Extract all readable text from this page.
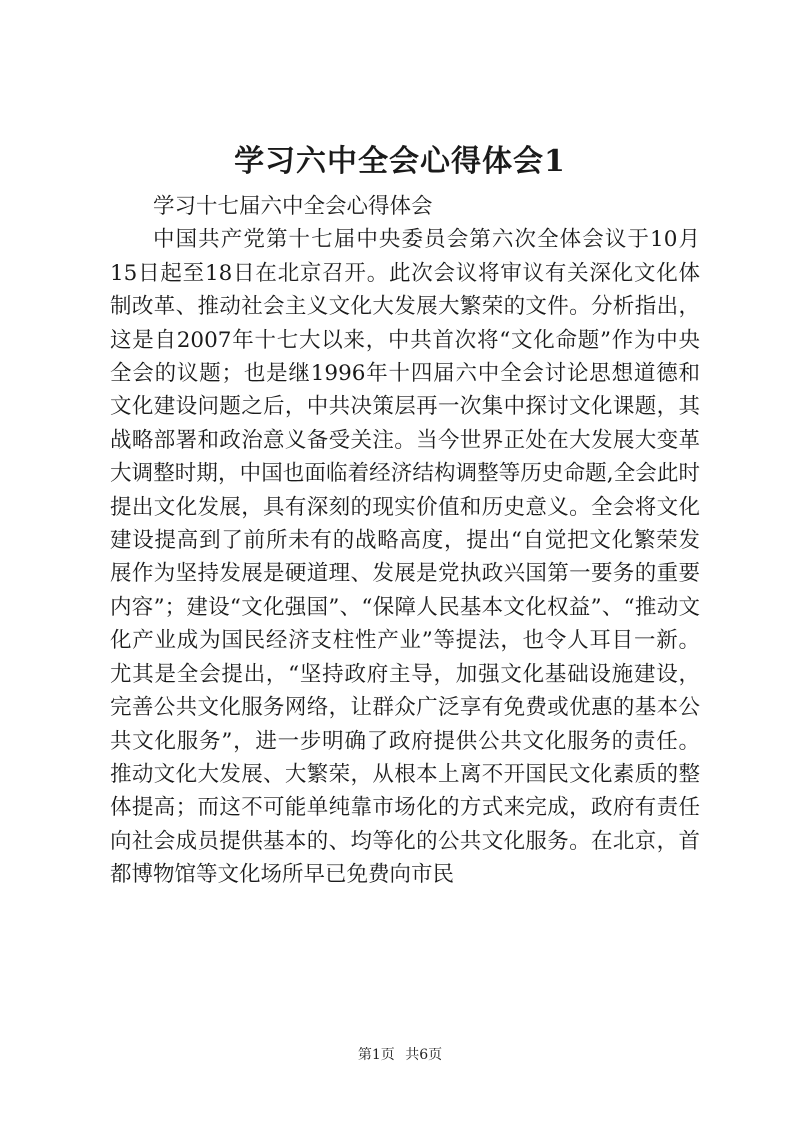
学习六中全会心得体会1

学习十七届六中全会心得体会

中国共产党第十七届中央委员会第六次全体会议于10月15日起至18日在北京召开。此次会议将审议有关深化文化体制改革、推动社会主义文化大发展大繁荣的文件。分析指出，这是自2007年十七大以来，中共首次将“文化命题”作为中央全会的议题；也是继1996年十四届六中全会讨论思想道德和文化建设问题之后，中共决策层再一次集中探讨文化课题，其战略部署和政治意义备受关注。当今世界正处在大发展大变革大调整时期，中国也面临着经济结构调整等历史命题,全会此时提出文化发展，具有深刻的现实价值和历史意义。全会将文化建设提高到了前所未有的战略高度，提出“自觉把文化繁荣发展作为坚持发展是硬道理、发展是党执政兴国第一要务的重要内容”；建设“文化强国”、“保障人民基本文化权益”、“推动文化产业成为国民经济支柱性产业”等提法，也令人耳目一新。尤其是全会提出，“坚持政府主导，加强文化基础设施建设，完善公共文化服务网络，让群众广泛享有免费或优惠的基本公共文化服务”，进一步明确了政府提供公共文化服务的责任。推动文化大发展、大繁荣，从根本上离不开国民文化素质的整体提高；而这不可能单纯靠市场化的方式来完成，政府有责任向社会成员提供基本的、均等化的公共文化服务。在北京，首都博物馆等文化场所早已免费向市民

第1页 共6页
